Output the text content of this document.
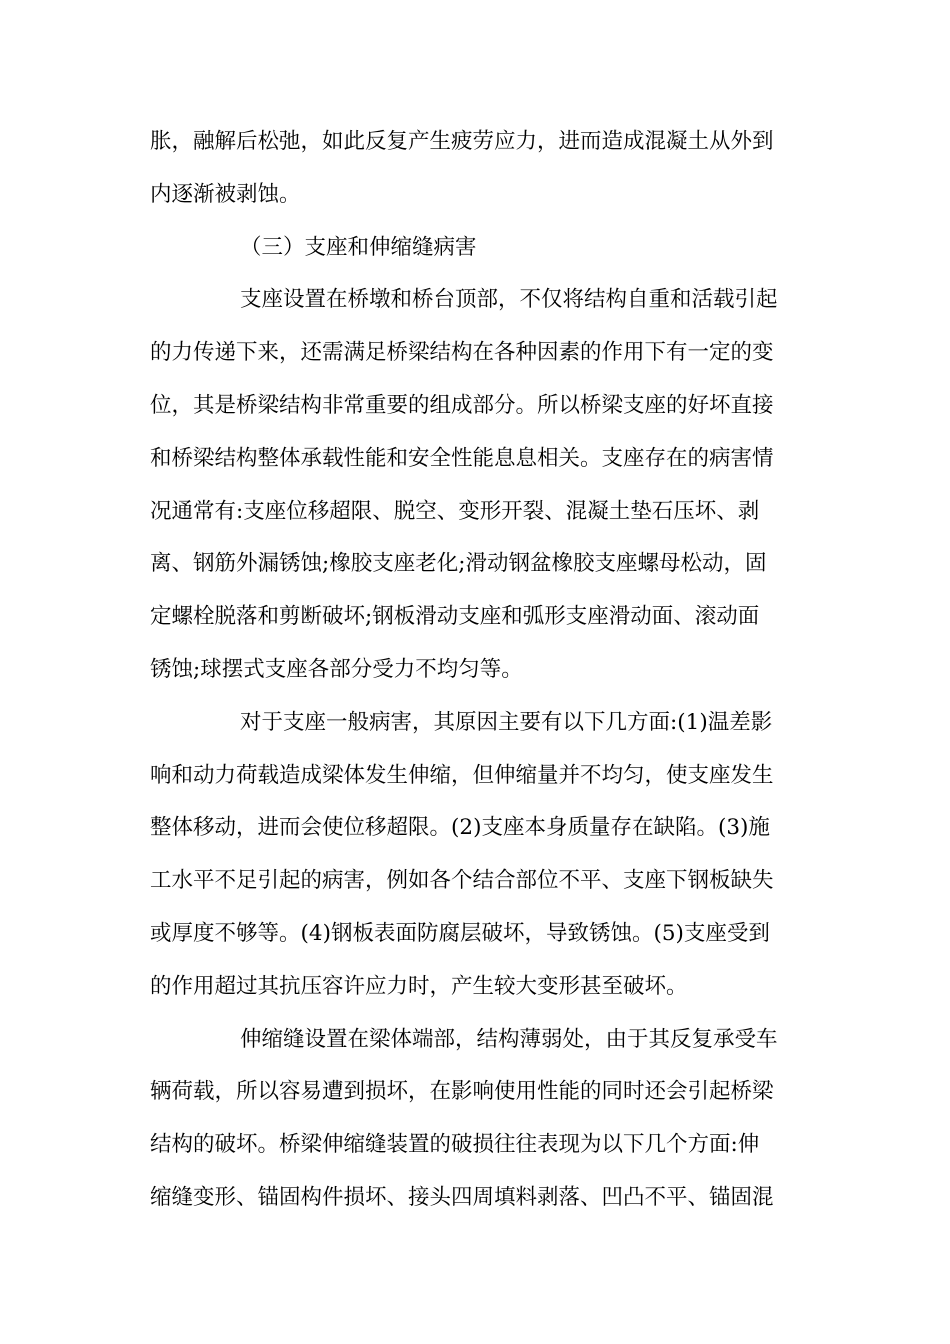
胀，融解后松弛，如此反复产生疲劳应力，进而造成混凝土从外到
内逐渐被剥蚀。
（三）支座和伸缩缝病害
支座设置在桥墩和桥台顶部，不仅将结构自重和活载引起
的力传递下来，还需满足桥梁结构在各种因素的作用下有一定的变
位，其是桥梁结构非常重要的组成部分。所以桥梁支座的好坏直接
和桥梁结构整体承载性能和安全性能息息相关。支座存在的病害情
况通常有:支座位移超限、脱空、变形开裂、混凝土垫石压坏、剥
离、钢筋外漏锈蚀;橡胶支座老化;滑动钢盆橡胶支座螺母松动，固
定螺栓脱落和剪断破坏;钢板滑动支座和弧形支座滑动面、滚动面
锈蚀;球摆式支座各部分受力不均匀等。
对于支座一般病害，其原因主要有以下几方面:(1)温差影
响和动力荷载造成梁体发生伸缩，但伸缩量并不均匀，使支座发生
整体移动，进而会使位移超限。(2)支座本身质量存在缺陷。(3)施
工水平不足引起的病害，例如各个结合部位不平、支座下钢板缺失
或厚度不够等。(4)钢板表面防腐层破坏，导致锈蚀。(5)支座受到
的作用超过其抗压容许应力时，产生较大变形甚至破坏。
伸缩缝设置在梁体端部，结构薄弱处，由于其反复承受车
辆荷载，所以容易遭到损坏，在影响使用性能的同时还会引起桥梁
结构的破坏。桥梁伸缩缝装置的破损往往表现为以下几个方面:伸
缩缝变形、锚固构件损坏、接头四周填料剥落、凹凸不平、锚固混
